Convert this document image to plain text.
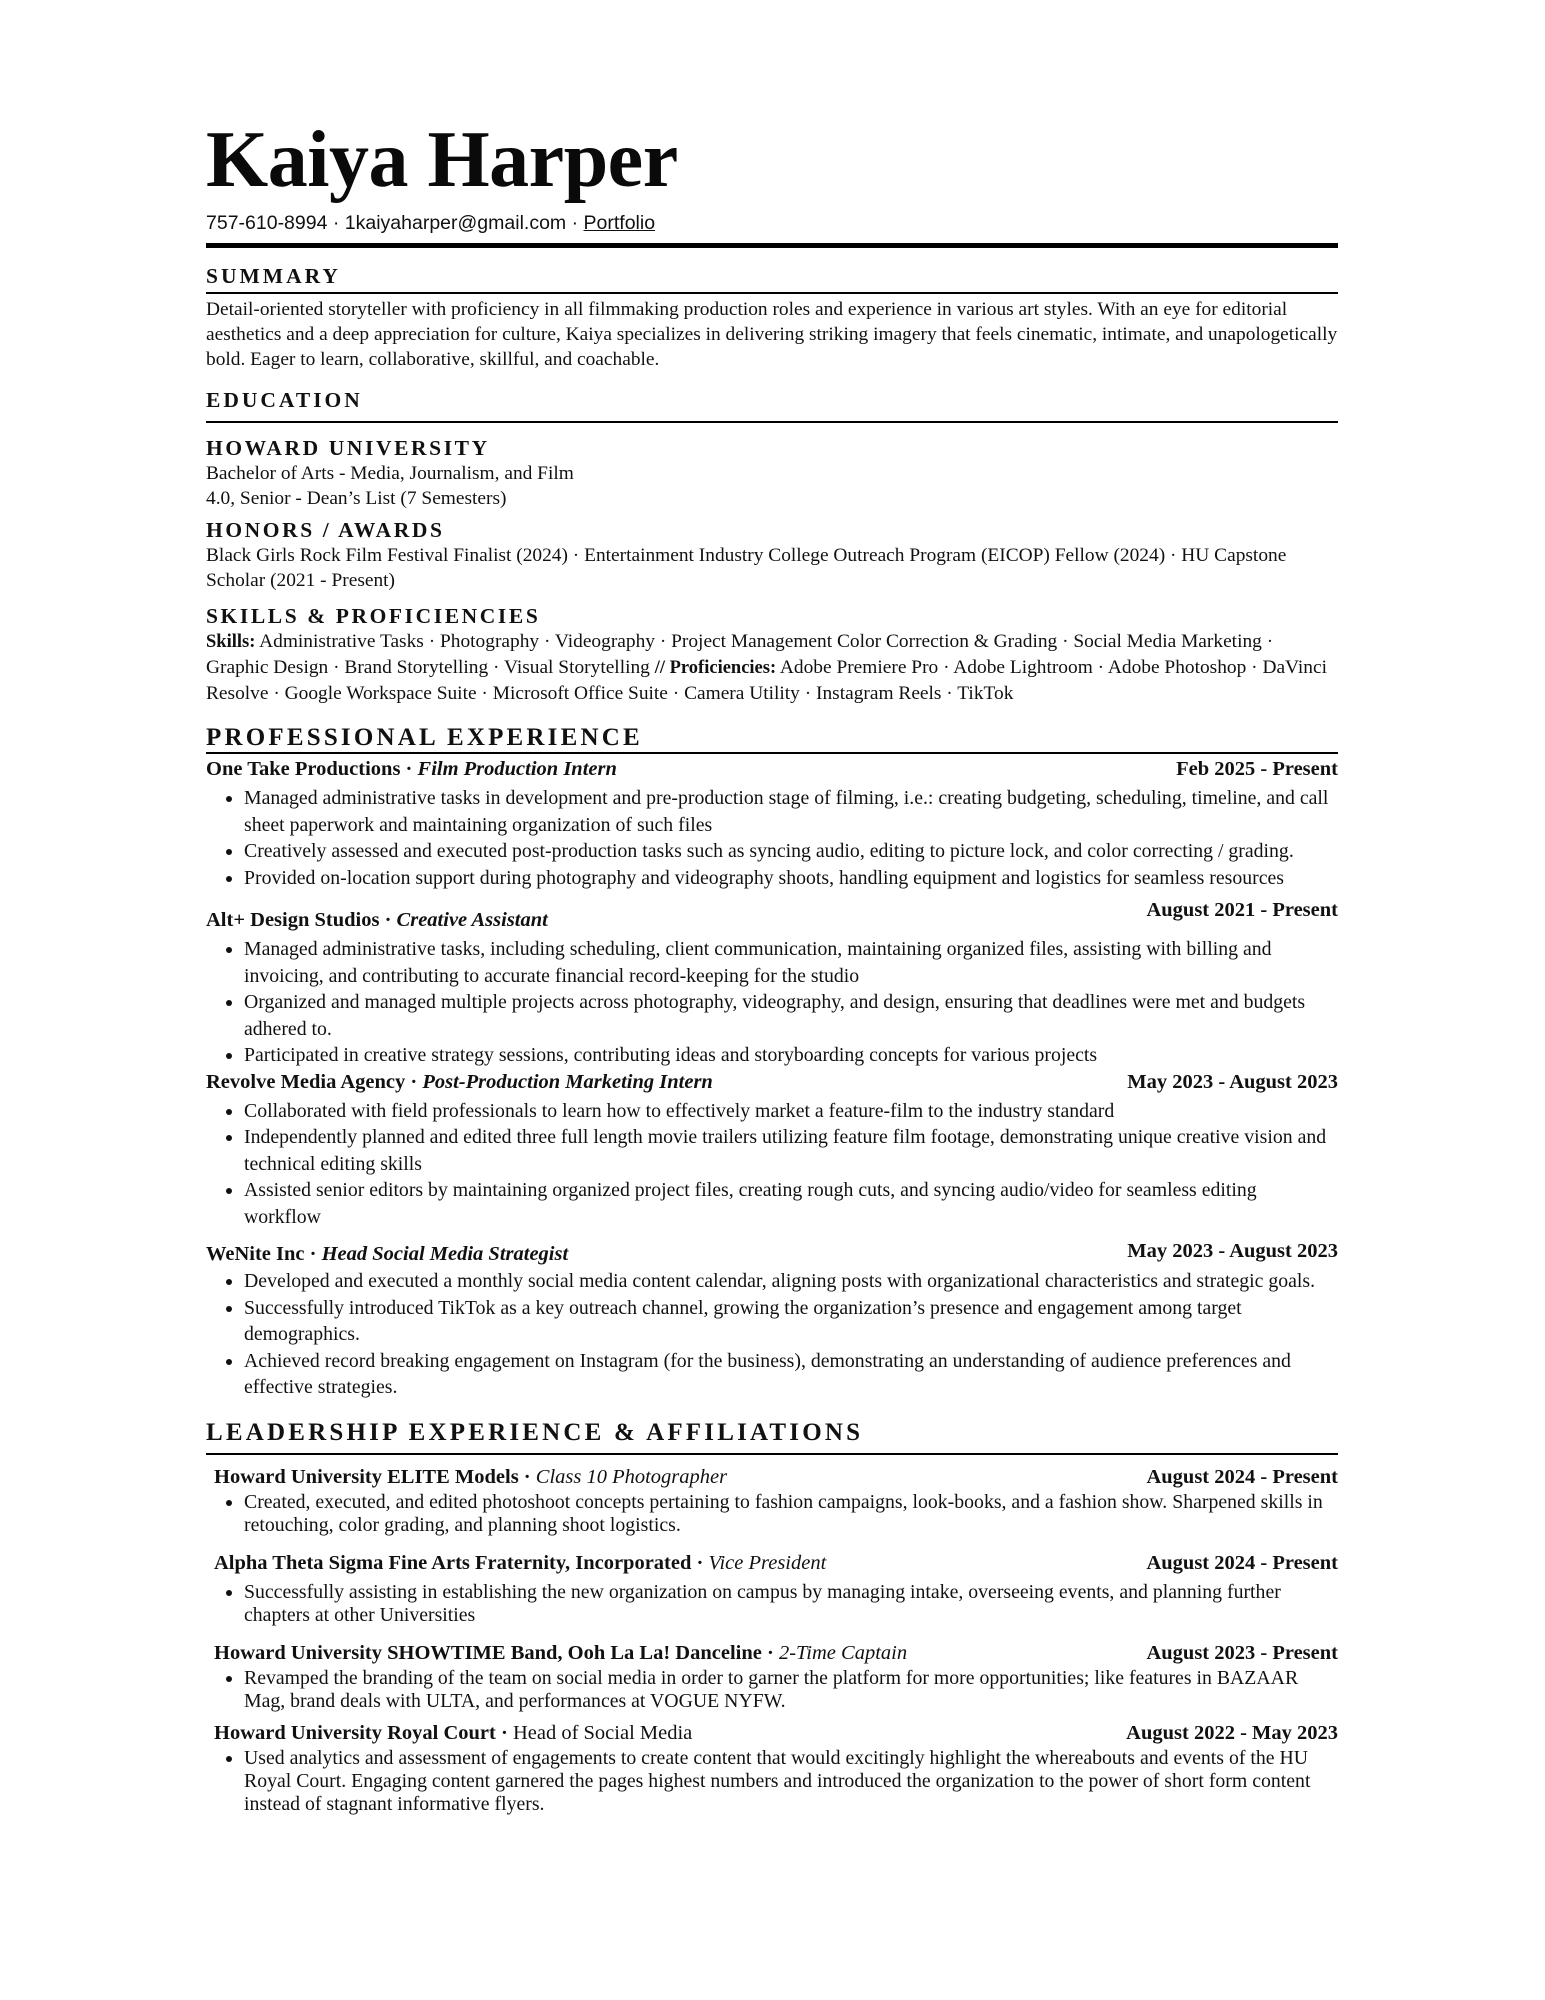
Kaiya Harper
757-610-8994 · 1kaiyaharper@gmail.com · Portfolio
SUMMARY

Detail-oriented storyteller with proficiency in all filmmaking production roles and experience in various art styles. With an eye for editorial aesthetics and a deep appreciation for culture, Kaiya specializes in delivering striking imagery that feels cinematic, intimate, and unapologetically bold. Eager to learn, collaborative, skillful, and coachable.

EDUCATION
HOWARD UNIVERSITY
Bachelor of Arts - Media, Journalism, and Film
4.0, Senior - Dean’s List (7 Semesters)
HONORS / AWARDS
Black Girls Rock Film Festival Finalist (2024) · Entertainment Industry College Outreach Program (EICOP) Fellow (2024) · HU Capstone Scholar (2021 - Present)
SKILLS & PROFICIENCIES
Skills: Administrative Tasks · Photography · Videography · Project Management Color Correction & Grading · Social Media Marketing · Graphic Design · Brand Storytelling · Visual Storytelling // Proficiencies: Adobe Premiere Pro · Adobe Lightroom · Adobe Photoshop · DaVinci Resolve · Google Workspace Suite · Microsoft Office Suite · Camera Utility · Instagram Reels · TikTok
PROFESSIONAL EXPERIENCE
One Take Productions · Film Production Intern	Feb 2025 - Present
• Managed administrative tasks in development and pre-production stage of filming, i.e.: creating budgeting, scheduling, timeline, and call sheet paperwork and maintaining organization of such files
• Creatively assessed and executed post-production tasks such as syncing audio, editing to picture lock, and color correcting / grading.
• Provided on-location support during photography and videography shoots, handling equipment and logistics for seamless resources
Alt+ Design Studios · Creative Assistant	August 2021 - Present
• Managed administrative tasks, including scheduling, client communication, maintaining organized files, assisting with billing and invoicing, and contributing to accurate financial record-keeping for the studio
• Organized and managed multiple projects across photography, videography, and design, ensuring that deadlines were met and budgets adhered to.
• Participated in creative strategy sessions, contributing ideas and storyboarding concepts for various projects
Revolve Media Agency · Post-Production Marketing Intern	May 2023 - August 2023
• Collaborated with field professionals to learn how to effectively market a feature-film to the industry standard
• Independently planned and edited three full length movie trailers utilizing feature film footage, demonstrating unique creative vision and technical editing skills
• Assisted senior editors by maintaining organized project files, creating rough cuts, and syncing audio/video for seamless editing workflow
WeNite Inc · Head Social Media Strategist	May 2023 - August 2023
• Developed and executed a monthly social media content calendar, aligning posts with organizational characteristics and strategic goals.
• Successfully introduced TikTok as a key outreach channel, growing the organization’s presence and engagement among target demographics.
• Achieved record breaking engagement on Instagram (for the business), demonstrating an understanding of audience preferences and effective strategies.
LEADERSHIP EXPERIENCE & AFFILIATIONS
Howard University ELITE Models · Class 10 Photographer	August 2024 - Present
• Created, executed, and edited photoshoot concepts pertaining to fashion campaigns, look-books, and a fashion show. Sharpened skills in retouching, color grading, and planning shoot logistics.
Alpha Theta Sigma Fine Arts Fraternity, Incorporated · Vice President	August 2024 - Present
• Successfully assisting in establishing the new organization on campus by managing intake, overseeing events, and planning further chapters at other Universities
Howard University SHOWTIME Band, Ooh La La! Danceline · 2-Time Captain	August 2023 - Present
• Revamped the branding of the team on social media in order to garner the platform for more opportunities; like features in BAZAAR Mag, brand deals with ULTA, and performances at VOGUE NYFW.
Howard University Royal Court · Head of Social Media	August 2022 - May 2023
• Used analytics and assessment of engagements to create content that would excitingly highlight the whereabouts and events of the HU Royal Court. Engaging content garnered the pages highest numbers and introduced the organization to the power of short form content instead of stagnant informative flyers.
